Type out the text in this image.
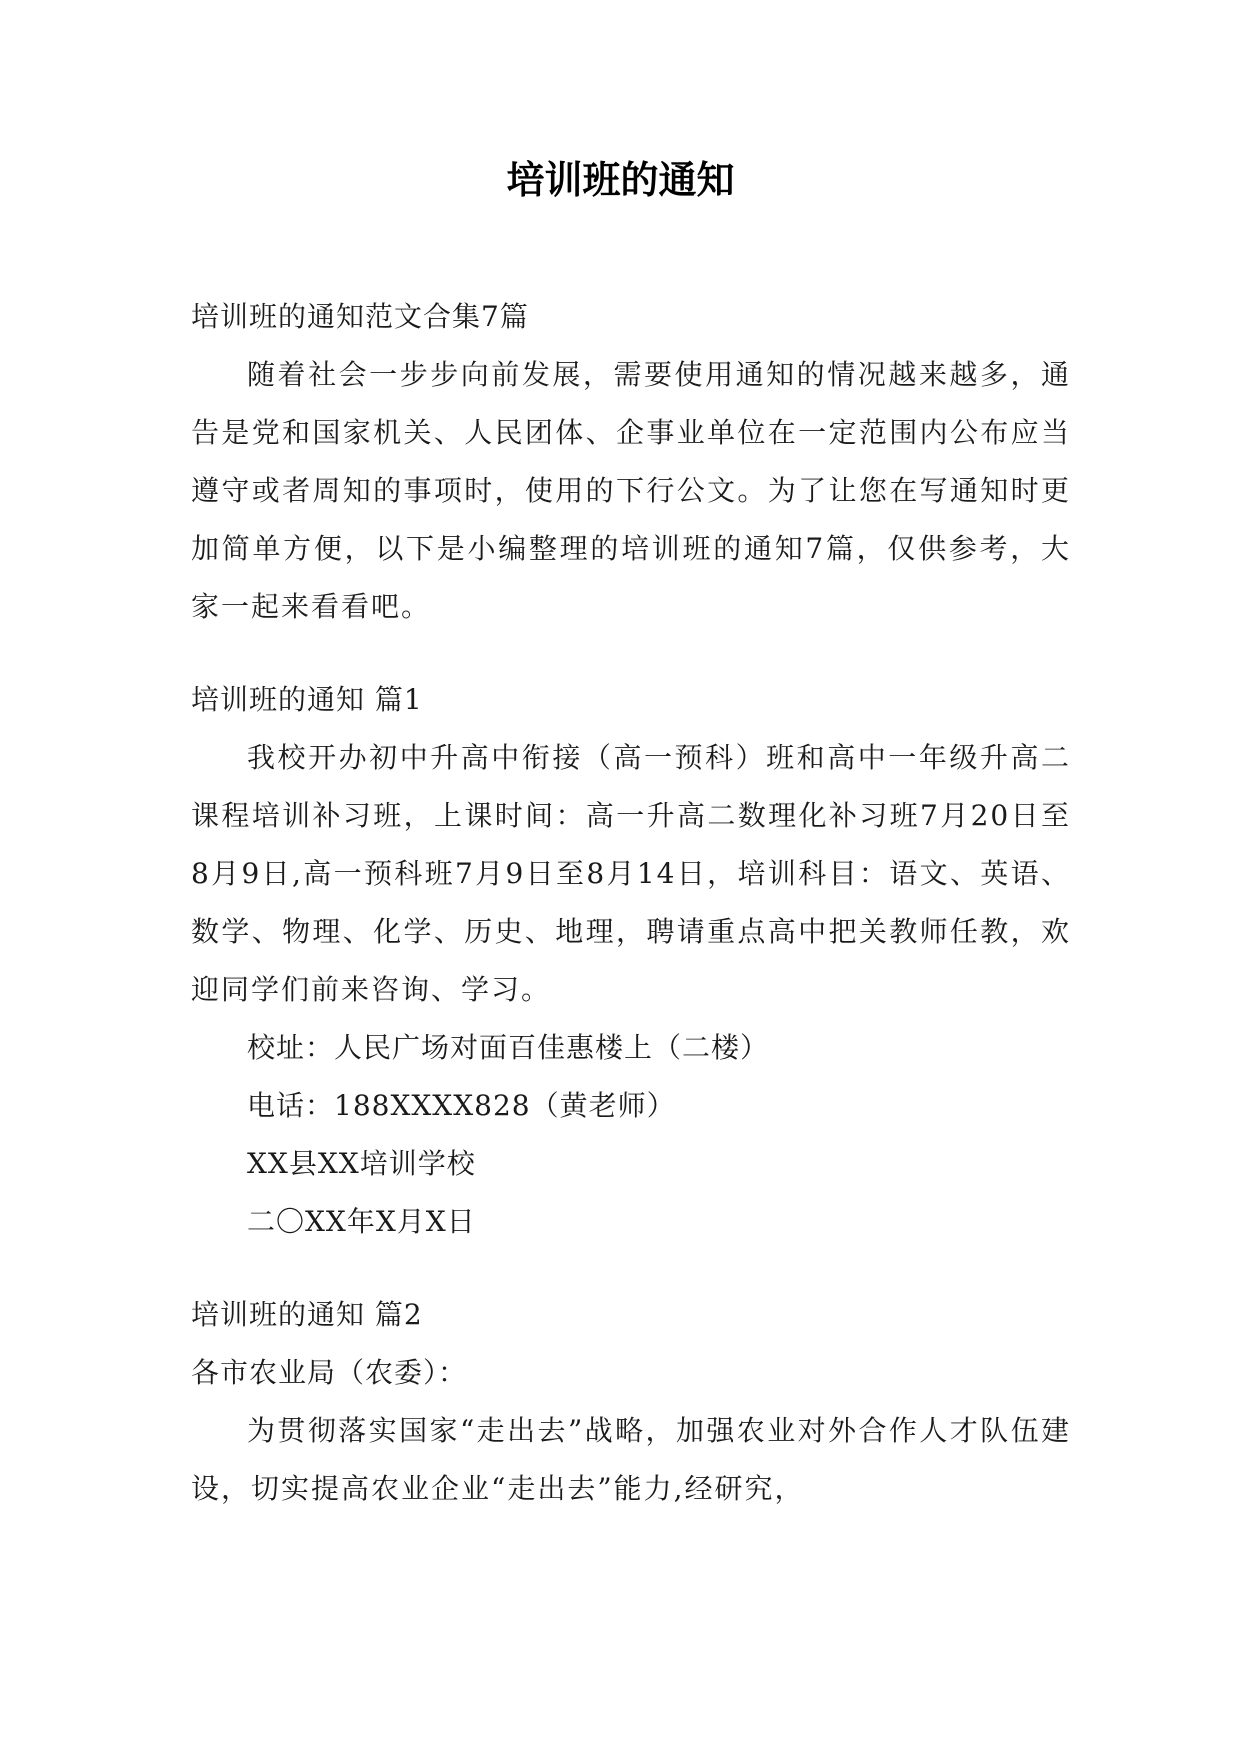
培训班的通知
培训班的通知范文合集7篇
随着社会一步步向前发展，需要使用通知的情况越来越多，通告是党和国家机关、人民团体、企事业单位在一定范围内公布应当遵守或者周知的事项时，使用的下行公文。为了让您在写通知时更加简单方便，以下是小编整理的培训班的通知7篇，仅供参考，大家一起来看看吧。
培训班的通知 篇1
我校开办初中升高中衔接（高一预科）班和高中一年级升高二课程培训补习班，上课时间：高一升高二数理化补习班7月20日至8月9日,高一预科班7月9日至8月14日，培训科目：语文、英语、数学、物理、化学、历史、地理，聘请重点高中把关教师任教，欢迎同学们前来咨询、学习。
校址：人民广场对面百佳惠楼上（二楼）
电话：188XXXX828（黄老师）
XX县XX培训学校
二〇XX年X月X日
培训班的通知 篇2
各市农业局（农委）：
为贯彻落实国家“走出去”战略，加强农业对外合作人才队伍建设，切实提高农业企业“走出去”能力,经研究，
